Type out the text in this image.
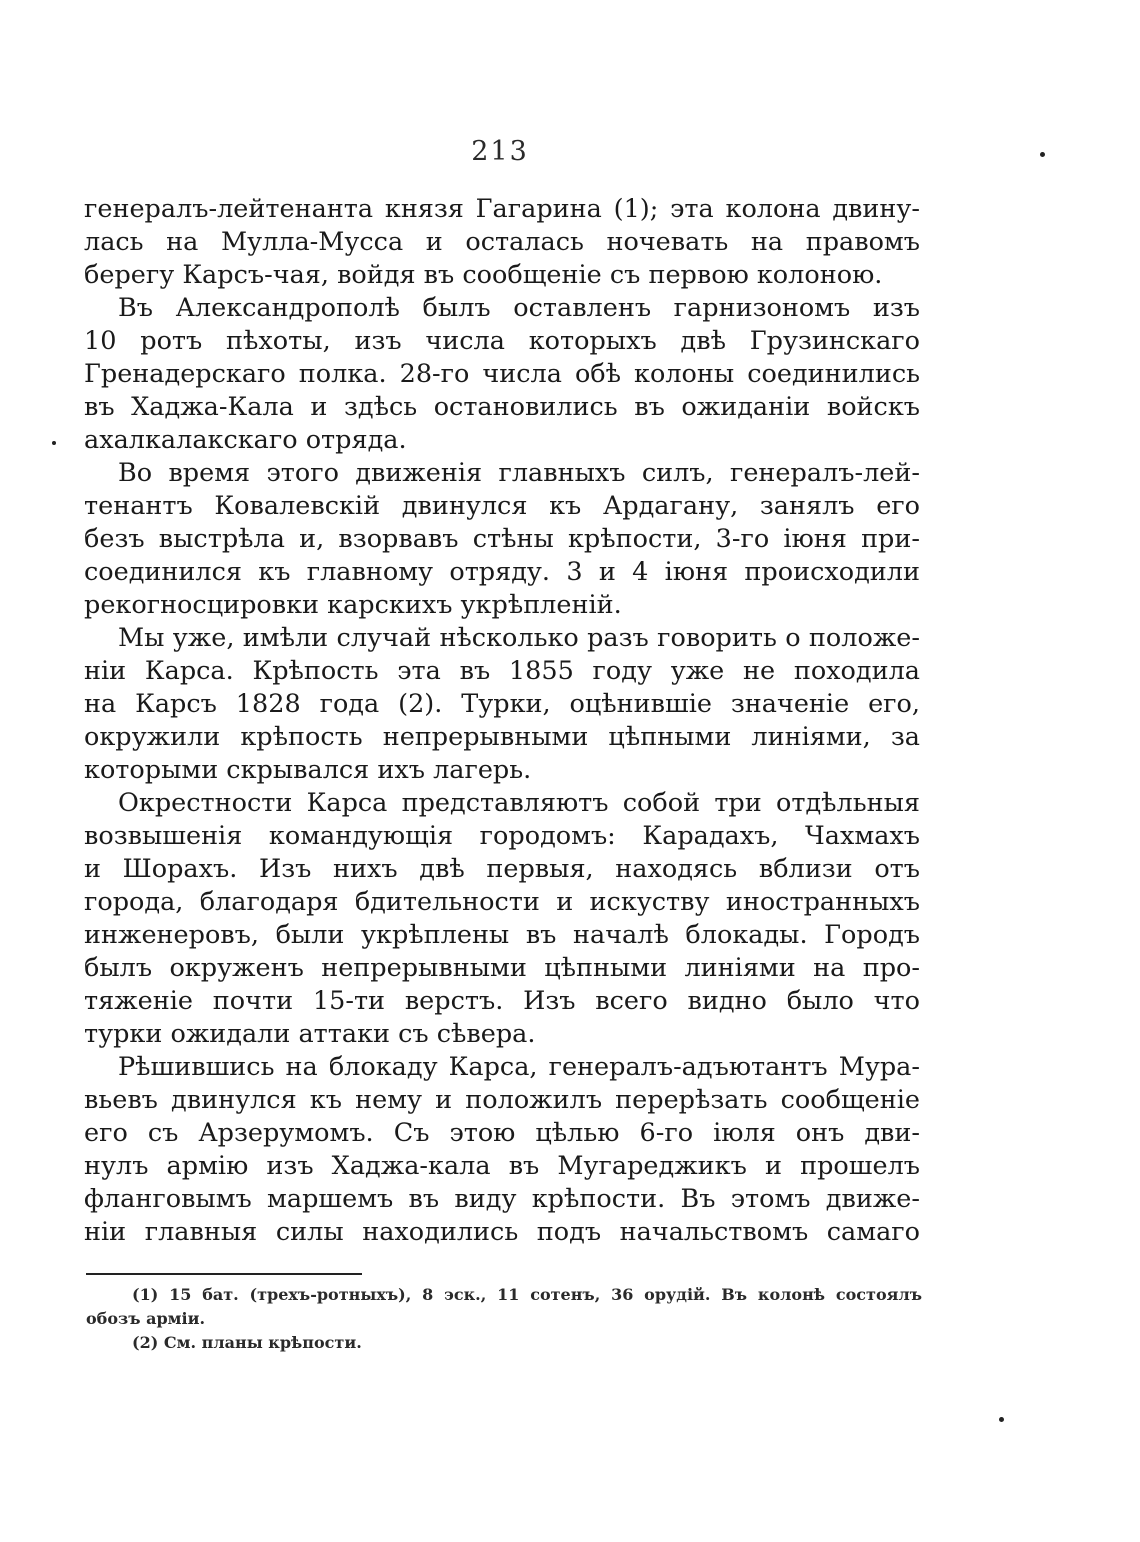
213

генералъ-лейтенанта князя Гагарина (1); эта колона двину-
лась на Мулла-Мусса и осталась ночевать на правомъ
берегу Карсъ-чая, войдя въ сообщеніе съ первою колоною.

Въ Александрополѣ былъ оставленъ гарнизономъ изъ
10 ротъ пѣхоты, изъ числа которыхъ двѣ Грузинскаго
Гренадерскаго полка. 28-го числа обѣ колоны соединились
въ Хаджа-Кала и здѣсь остановились въ ожиданіи войскъ
ахалкалакскаго отряда.

Во время этого движенія главныхъ силъ, генералъ-лей-
тенантъ Ковалевскій двинулся къ Ардагану, занялъ его
безъ выстрѣла и, взорвавъ стѣны крѣпости, 3-го іюня при-
соединился къ главному отряду. 3 и 4 іюня происходили
рекогносцировки карскихъ укрѣпленій.

Мы уже, имѣли случай нѣсколько разъ говорить о положе-
ніи Карса. Крѣпость эта въ 1855 году уже не походила
на Карсъ 1828 года (2). Турки, оцѣнившіе значеніе его,
окружили крѣпость непрерывными цѣпными линіями, за
которыми скрывался ихъ лагерь.

Окрестности Карса представляютъ собой три отдѣльныя
возвышенія командующія городомъ: Карадахъ, Чахмахъ
и Шорахъ. Изъ нихъ двѣ первыя, находясь вблизи отъ
города, благодаря бдительности и искуству иностранныхъ
инженеровъ, были укрѣплены въ началѣ блокады. Городъ
былъ окруженъ непрерывными цѣпными линіями на про-
тяженіе почти 15-ти верстъ. Изъ всего видно было что
турки ожидали аттаки съ сѣвера.

Рѣшившись на блокаду Карса, генералъ-адъютантъ Мура-
вьевъ двинулся къ нему и положилъ перерѣзать сообщеніе
его съ Арзерумомъ. Съ этою цѣлью 6-го іюля онъ дви-
нулъ армію изъ Хаджа-кала въ Мугареджикъ и прошелъ
фланговымъ маршемъ въ виду крѣпости. Въ этомъ движе-
ніи главныя силы находились подъ начальствомъ самаго

(1) 15 бат. (трехъ-ротныхъ), 8 эск., 11 сотенъ, 36 орудій. Въ колонѣ состоялъ
обозъ арміи.
(2) См. планы крѣпости.
